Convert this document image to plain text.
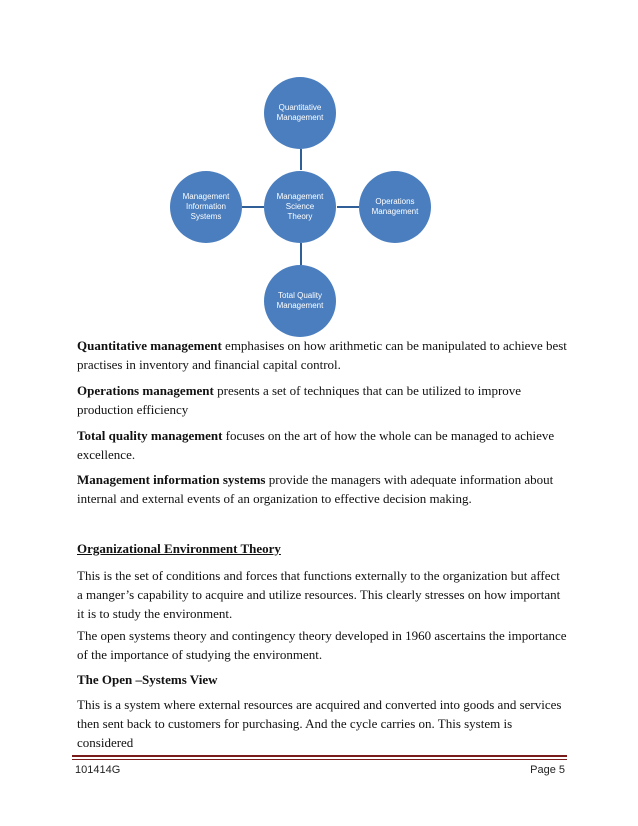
Quantitative
Management
Management
Information
Systems
Management
Science
Theory
Operations
Management
Total Quality
Management

Quantitative management emphasises on how arithmetic can be manipulated to achieve best practises in inventory and financial capital control.

Operations management presents a set of techniques that can be utilized to improve production efficiency

Total quality management focuses on the art of how the whole can be managed to achieve excellence.

Management information systems provide the managers with adequate information about internal and external events of an organization to effective decision making.

Organizational Environment Theory

This is the set of conditions and forces that functions externally to the organization but affect a manger’s capability to acquire and utilize resources. This clearly stresses on how important it is to study the environment.

The open systems theory and contingency theory developed in 1960 ascertains the importance of the importance of studying the environment.

The Open –Systems View

This is a system where external resources are acquired and converted into goods and services then sent back to customers for purchasing. And the cycle carries on. This system is considered

101414G	Page 5
